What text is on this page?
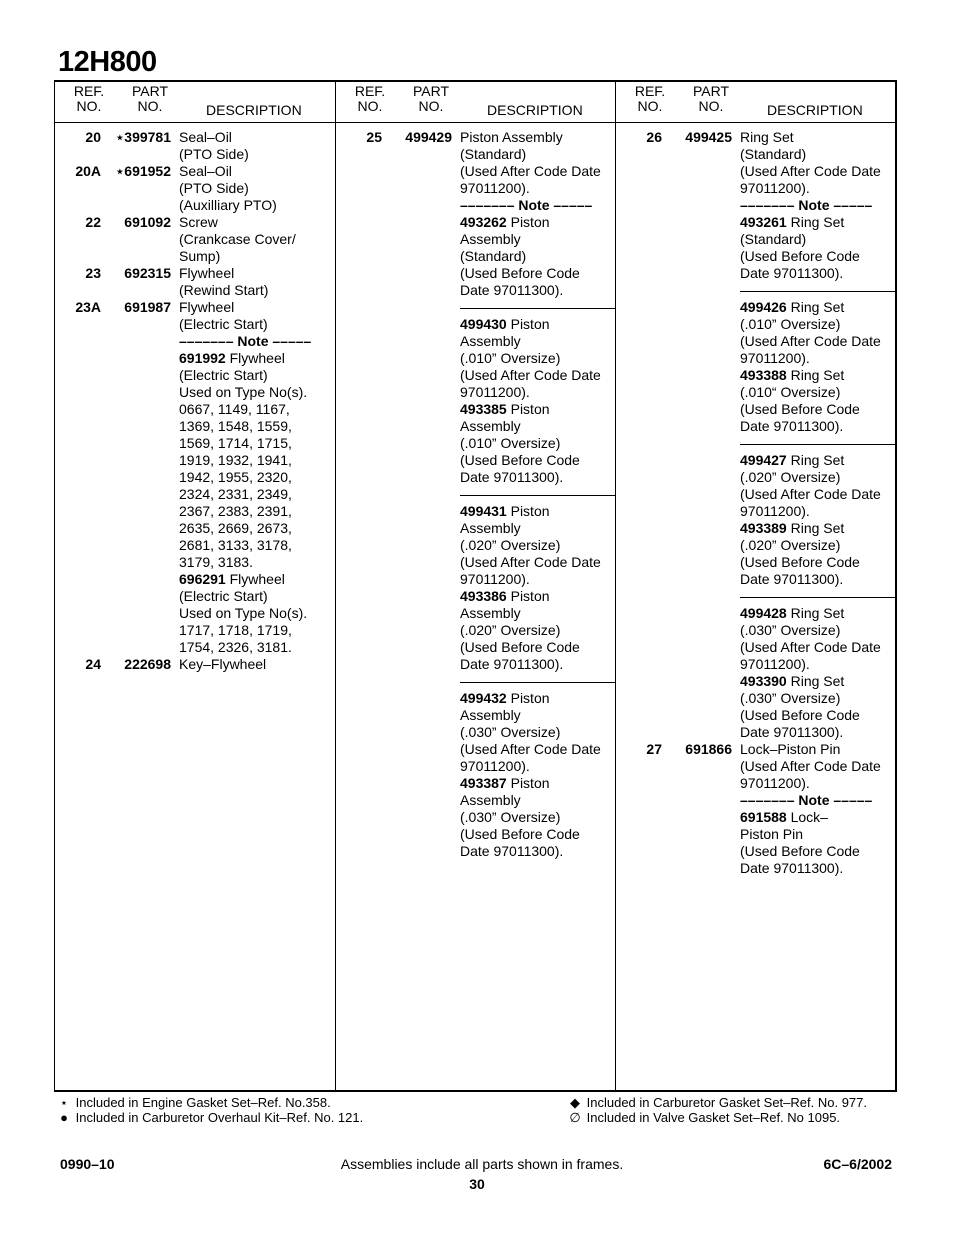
12H800
REF.
NO.
PART
NO.	DESCRIPTION
20	⋆399781 Seal–Oil
(PTO Side)
20A	⋆691952 Seal–Oil
(PTO Side)
(Auxilliary PTO)
22	691092 Screw
(Crankcase Cover/
Sump)
23	692315 Flywheel
(Rewind Start)
23A	691987 Flywheel
(Electric Start)
––––––– Note –––––
691992 Flywheel
(Electric Start)
Used on Type No(s).
0667, 1149, 1167,
1369, 1548, 1559,
1569, 1714, 1715,
1919, 1932, 1941,
1942, 1955, 2320,
2324, 2331, 2349,
2367, 2383, 2391,
2635, 2669, 2673,
2681, 3133, 3178,
3179, 3183.
696291 Flywheel
(Electric Start)
Used on Type No(s).
1717, 1718, 1719,
1754, 2326, 3181.
24	222698 Key–Flywheel
REF.
NO.
PART
NO.	DESCRIPTION
25	499429 Piston Assembly
(Standard)
(Used After Code Date
97011200).
––––––– Note –––––
493262 Piston
Assembly
(Standard)
(Used Before Code
Date 97011300).
499430 Piston
Assembly
(.010” Oversize)
(Used After Code Date
97011200).
493385 Piston
Assembly
(.010” Oversize)
(Used Before Code
Date 97011300).
499431 Piston
Assembly
(.020” Oversize)
(Used After Code Date
97011200).
493386 Piston
Assembly
(.020” Oversize)
(Used Before Code
Date 97011300).
499432 Piston
Assembly
(.030” Oversize)
(Used After Code Date
97011200).
493387 Piston
Assembly
(.030” Oversize)
(Used Before Code
Date 97011300).
REF.
NO.
PART
NO.	DESCRIPTION
26	499425 Ring Set
(Standard)
(Used After Code Date
97011200).
––––––– Note –––––
493261 Ring Set
(Standard)
(Used Before Code
Date 97011300).
499426 Ring Set
(.010” Oversize)
(Used After Code Date
97011200).
493388 Ring Set
(.010“ Oversize)
(Used Before Code
Date 97011300).
499427 Ring Set
(.020” Oversize)
(Used After Code Date
97011200).
493389 Ring Set
(.020” Oversize)
(Used Before Code
Date 97011300).
499428 Ring Set
(.030” Oversize)
(Used After Code Date
97011200).
493390 Ring Set
(.030” Oversize)
(Used Before Code
Date 97011300).
27	691866 Lock–Piston Pin
(Used After Code Date
97011200).
––––––– Note –––––
691588 Lock–
Piston Pin
(Used Before Code
Date 97011300).
⋆ Included in Engine Gasket Set–Ref. No.358.
● Included in Carburetor Overhaul Kit–Ref. No. 121.
◆ Included in Carburetor Gasket Set–Ref. No. 977.
∅ Included in Valve Gasket Set–Ref. No 1095.
0990–10	Assemblies include all parts shown in frames.	6C–6/2002
30
